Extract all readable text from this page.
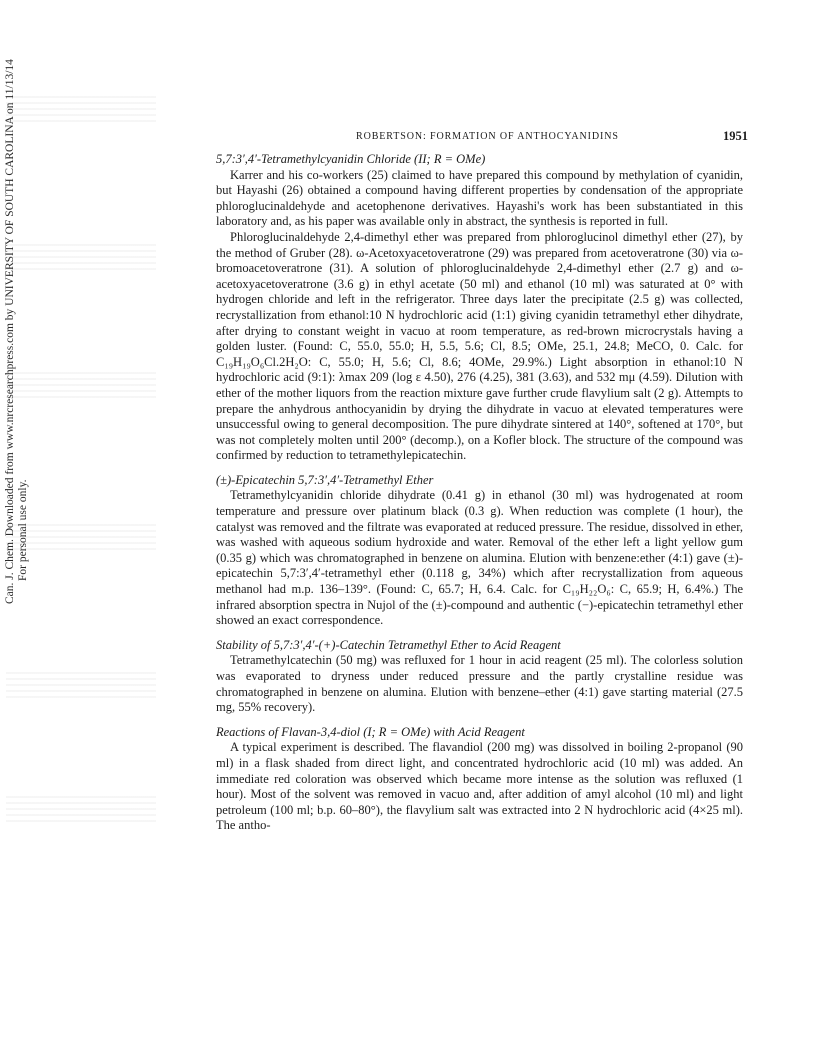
Can. J. Chem. Downloaded from www.nrcresearchpress.com by UNIVERSITY OF SOUTH CAROLINA on 11/13/14 For personal use only.
ROBERTSON: FORMATION OF ANTHOCYANIDINS	1951
5,7:3′,4′-Tetramethylcyanidin Chloride (II; R = OMe)

Karrer and his co-workers (25) claimed to have prepared this compound by methylation of cyanidin, but Hayashi (26) obtained a compound having different properties by condensation of the appropriate phloroglucinaldehyde and acetophenone derivatives. Hayashi's work has been substantiated in this laboratory and, as his paper was available only in abstract, the synthesis is reported in full.

Phloroglucinaldehyde 2,4-dimethyl ether was prepared from phloroglucinol dimethyl ether (27), by the method of Gruber (28). ω-Acetoxyacetoveratrone (29) was prepared from acetoveratrone (30) via ω-bromoacetoveratrone (31). A solution of phloroglucinaldehyde 2,4-dimethyl ether (2.7 g) and ω-acetoxyacetoveratrone (3.6 g) in ethyl acetate (50 ml) and ethanol (10 ml) was saturated at 0° with hydrogen chloride and left in the refrigerator. Three days later the precipitate (2.5 g) was collected, recrystallization from ethanol:10 N hydrochloric acid (1:1) giving cyanidin tetramethyl ether dihydrate, after drying to constant weight in vacuo at room temperature, as red-brown microcrystals having a golden luster. (Found: C, 55.0, 55.0; H, 5.5, 5.6; Cl, 8.5; OMe, 25.1, 24.8; MeCO, 0. Calc. for C₁₉H₁₉O₆Cl.2H₂O: C, 55.0; H, 5.6; Cl, 8.6; 4OMe, 29.9%.) Light absorption in ethanol:10 N hydrochloric acid (9:1): λmax 209 (log ε 4.50), 276 (4.25), 381 (3.63), and 532 mμ (4.59). Dilution with ether of the mother liquors from the reaction mixture gave further crude flavylium salt (2 g). Attempts to prepare the anhydrous anthocyanidin by drying the dihydrate in vacuo at elevated temperatures were unsuccessful owing to general decomposition. The pure dihydrate sintered at 140°, softened at 170°, but was not completely molten until 200° (decomp.), on a Kofler block. The structure of the compound was confirmed by reduction to tetramethylepicatechin.

(±)-Epicatechin 5,7:3′,4′-Tetramethyl Ether

Tetramethylcyanidin chloride dihydrate (0.41 g) in ethanol (30 ml) was hydrogenated at room temperature and pressure over platinum black (0.3 g). When reduction was complete (1 hour), the catalyst was removed and the filtrate was evaporated at reduced pressure. The residue, dissolved in ether, was washed with aqueous sodium hydroxide and water. Removal of the ether left a light yellow gum (0.35 g) which was chromatographed in benzene on alumina. Elution with benzene:ether (4:1) gave (±)-epicatechin 5,7:3′,4′-tetramethyl ether (0.118 g, 34%) which after recrystallization from aqueous methanol had m.p. 136–139°. (Found: C, 65.7; H, 6.4. Calc. for C₁₉H₂₂O₆: C, 65.9; H, 6.4%.) The infrared absorption spectra in Nujol of the (±)-compound and authentic (−)-epicatechin tetramethyl ether showed an exact correspondence.

Stability of 5,7:3′,4′-(+)-Catechin Tetramethyl Ether to Acid Reagent

Tetramethylcatechin (50 mg) was refluxed for 1 hour in acid reagent (25 ml). The colorless solution was evaporated to dryness under reduced pressure and the partly crystalline residue was chromatographed in benzene on alumina. Elution with benzene–ether (4:1) gave starting material (27.5 mg, 55% recovery).

Reactions of Flavan-3,4-diol (I; R = OMe) with Acid Reagent

A typical experiment is described. The flavandiol (200 mg) was dissolved in boiling 2-propanol (90 ml) in a flask shaded from direct light, and concentrated hydrochloric acid (10 ml) was added. An immediate red coloration was observed which became more intense as the solution was refluxed (1 hour). Most of the solvent was removed in vacuo and, after addition of amyl alcohol (10 ml) and light petroleum (100 ml; b.p. 60–80°), the flavylium salt was extracted into 2 N hydrochloric acid (4×25 ml). The antho-
